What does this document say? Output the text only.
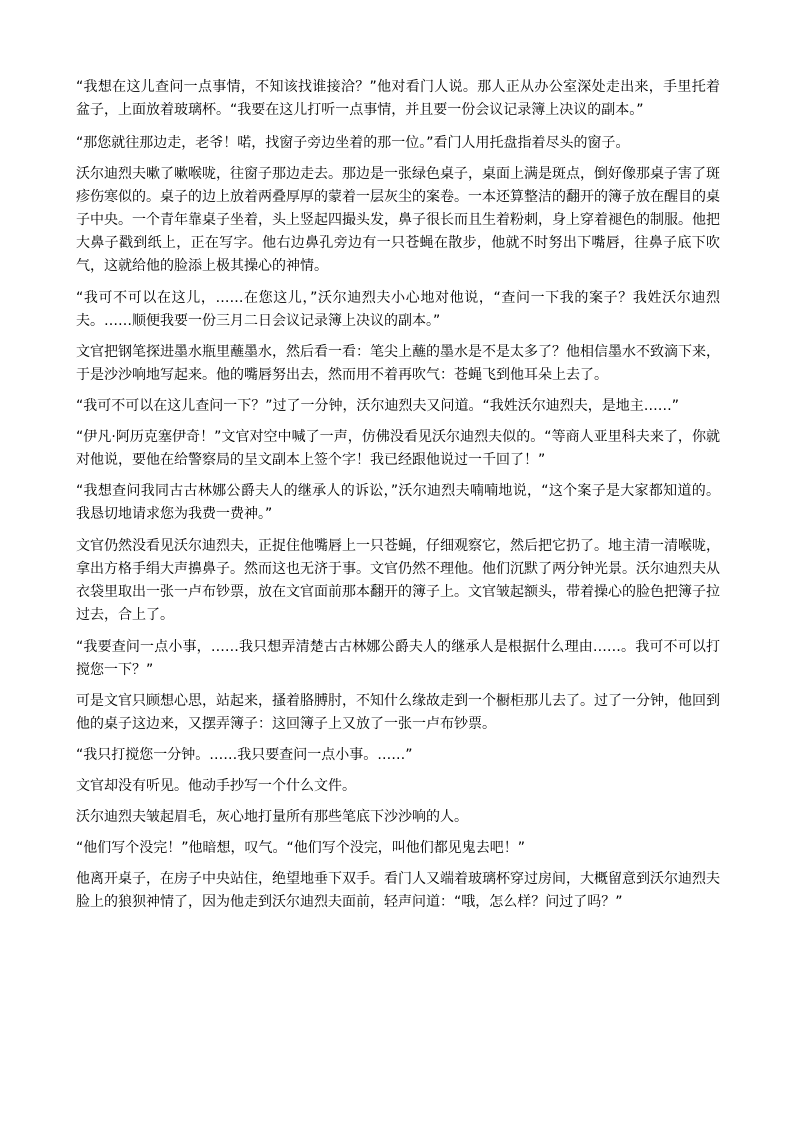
“我想在这儿查问一点事情，不知该找谁接洽？”他对看门人说。那人正从办公室深处走出来，手里托着盆子，上面放着玻璃杯。“我要在这儿打听一点事情，并且要一份会议记录簿上决议的副本。”

“那您就往那边走，老爷！喏，找窗子旁边坐着的那一位。”看门人用托盘指着尽头的窗子。

沃尔迪烈夫嗽了嗽喉咙，往窗子那边走去。那边是一张绿色桌子，桌面上满是斑点，倒好像那桌子害了斑疹伤寒似的。桌子的边上放着两叠厚厚的蒙着一层灰尘的案卷。一本还算整洁的翻开的簿子放在醒目的桌子中央。一个青年靠桌子坐着，头上竖起四撮头发，鼻子很长而且生着粉刺，身上穿着褪色的制服。他把大鼻子戳到纸上，正在写字。他右边鼻孔旁边有一只苍蝇在散步，他就不时努出下嘴唇，往鼻子底下吹气，这就给他的脸添上极其操心的神情。

“我可不可以在这儿，……在您这儿，”沃尔迪烈夫小心地对他说，“查问一下我的案子？我姓沃尔迪烈夫。……顺便我要一份三月二日会议记录簿上决议的副本。”

文官把钢笔探进墨水瓶里蘸墨水，然后看一看：笔尖上蘸的墨水是不是太多了？他相信墨水不致滴下来，于是沙沙响地写起来。他的嘴唇努出去，然而用不着再吹气：苍蝇飞到他耳朵上去了。

“我可不可以在这儿查问一下？”过了一分钟，沃尔迪烈夫又问道。“我姓沃尔迪烈夫，是地主……”

“伊凡·阿历克塞伊奇！”文官对空中喊了一声，仿佛没看见沃尔迪烈夫似的。“等商人亚里科夫来了，你就对他说，要他在给警察局的呈文副本上签个字！我已经跟他说过一千回了！”

“我想查问我同古古林娜公爵夫人的继承人的诉讼，”沃尔迪烈夫喃喃地说，“这个案子是大家都知道的。我恳切地请求您为我费一费神。”

文官仍然没看见沃尔迪烈夫，正捉住他嘴唇上一只苍蝇，仔细观察它，然后把它扔了。地主清一清喉咙，拿出方格手绢大声擤鼻子。然而这也无济于事。文官仍然不理他。他们沉默了两分钟光景。沃尔迪烈夫从衣袋里取出一张一卢布钞票，放在文官面前那本翻开的簿子上。文官皱起额头，带着操心的脸色把簿子拉过去，合上了。

“我要查问一点小事，……我只想弄清楚古古林娜公爵夫人的继承人是根据什么理由……。我可不可以打搅您一下？”

可是文官只顾想心思，站起来，搔着胳膊肘，不知什么缘故走到一个橱柜那儿去了。过了一分钟，他回到他的桌子这边来，又摆弄簿子：这回簿子上又放了一张一卢布钞票。

“我只打搅您一分钟。……我只要查问一点小事。……”

文官却没有听见。他动手抄写一个什么文件。

沃尔迪烈夫皱起眉毛，灰心地打量所有那些笔底下沙沙响的人。

“他们写个没完！”他暗想，叹气。“他们写个没完，叫他们都见鬼去吧！”

他离开桌子，在房子中央站住，绝望地垂下双手。看门人又端着玻璃杯穿过房间，大概留意到沃尔迪烈夫脸上的狼狈神情了，因为他走到沃尔迪烈夫面前，轻声问道：“哦，怎么样？问过了吗？”
